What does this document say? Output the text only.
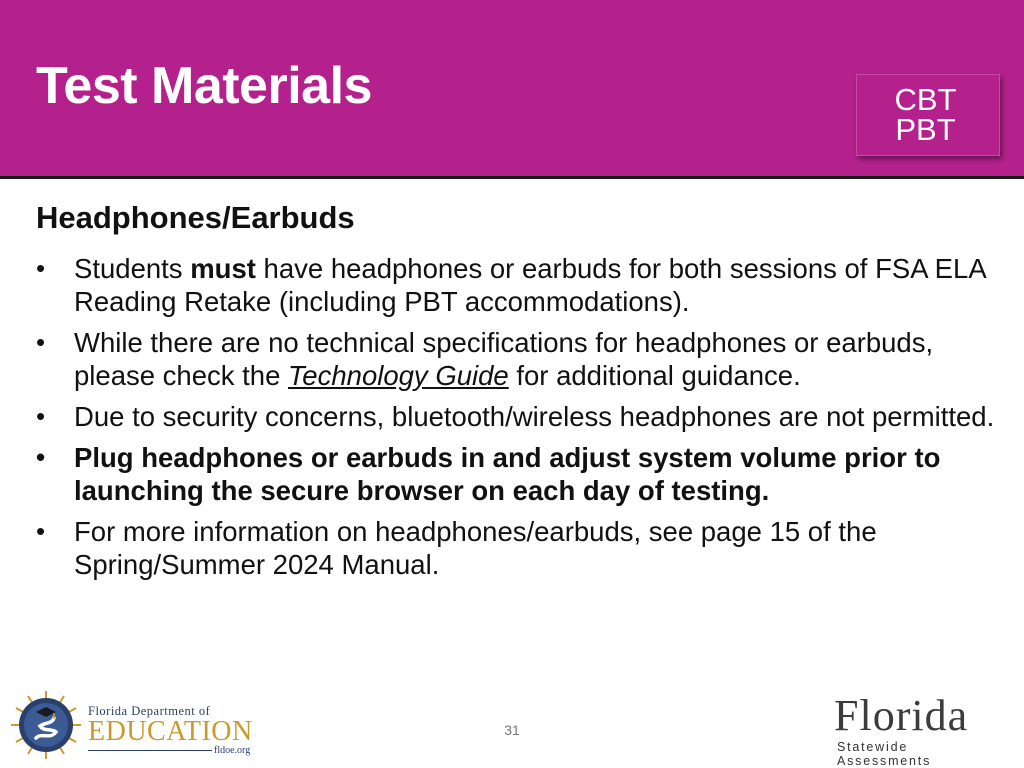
Test Materials	CBT
PBT
Headphones/Earbuds
• Students must have headphones or earbuds for both sessions of FSA ELA Reading Retake (including PBT accommodations).
• While there are no technical specifications for headphones or earbuds, please check the Technology Guide for additional guidance.
• Due to security concerns, bluetooth/wireless headphones are not permitted.
• Plug headphones or earbuds in and adjust system volume prior to launching the secure browser on each day of testing.
• For more information on headphones/earbuds, see page 15 of the Spring/Summer 2024 Manual.
Florida Department of
EDUCATION
fldoe.org
31	Florida
Statewide Assessments
